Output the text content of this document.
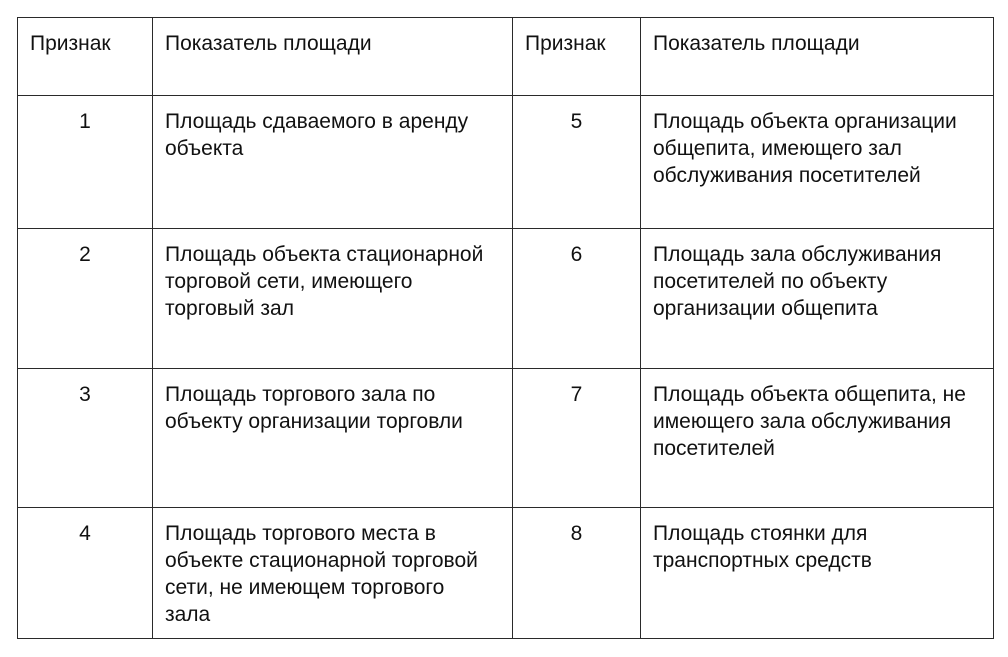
Признак	Показатель площади	Признак	Показатель площади

1	Площадь сдаваемого в аренду объекта	5	Площадь объекта организации общепита, имеющего зал обслуживания посетителей

2	Площадь объекта стационарной торговой сети, имеющего торговый зал	6	Площадь зала обслуживания посетителей по объекту организации общепита

3	Площадь торгового зала по объекту организации торговли	7	Площадь объекта общепита, не имеющего зала обслуживания посетителей

4	Площадь торгового места в объекте стационарной торговой сети, не имеющем торгового зала	8	Площадь стоянки для транспортных средств
